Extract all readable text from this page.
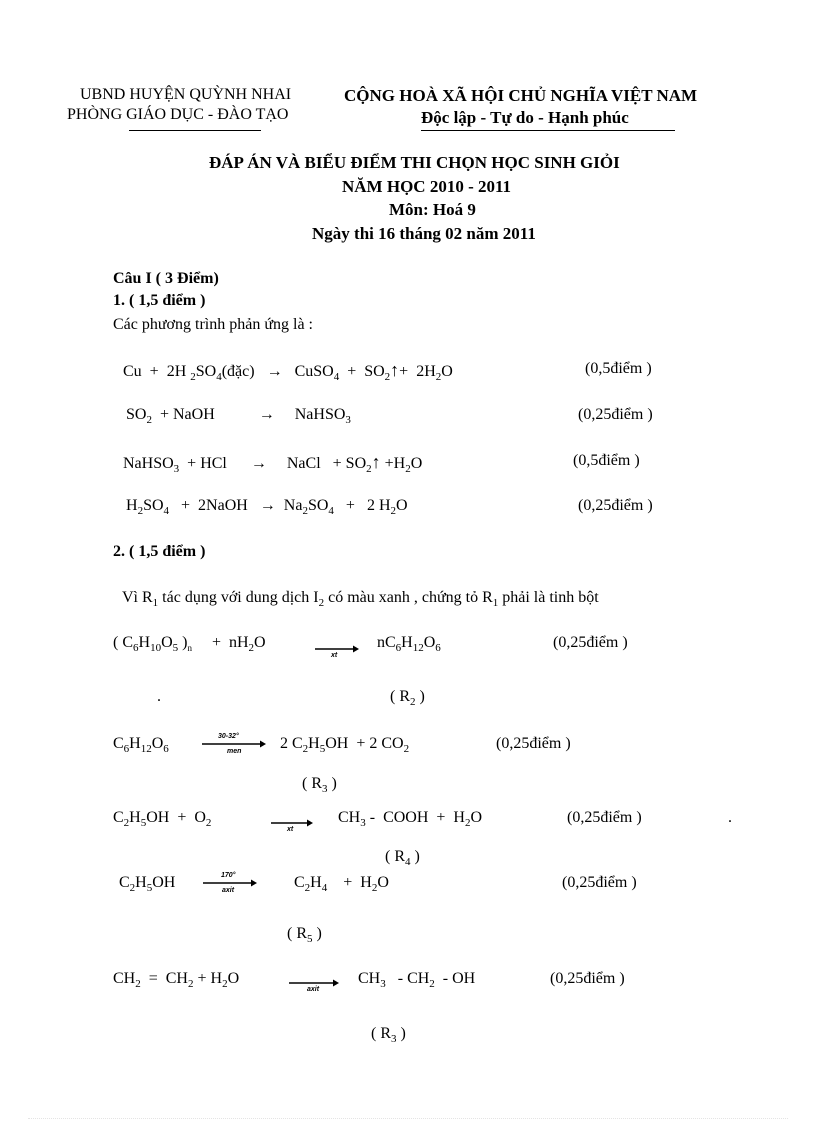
UBND HUYỆN QUỲNH NHAI
PHÒNG GIÁO DỤC - ĐÀO TẠO
CỘNG HOÀ XÃ HỘI CHỦ NGHĨA VIỆT NAM
Độc lập - Tự do - Hạnh phúc
ĐÁP ÁN VÀ BIỂU ĐIỂM THI CHỌN HỌC SINH GIỎI
NĂM HỌC 2010 - 2011
Môn: Hoá 9
Ngày thi 16 tháng 02 năm 2011
Câu I ( 3 Điểm)
1. ( 1,5 điểm )
Các phương trình phản ứng là :
Cu  +  2H $_2SO_4(đặc)$   →   CuSO$_4$  +  $SO_2↑+ 2H_2O$	(0,5điểm )
$SO_2$  + NaOH           →     NaHSO$_3$	(0,25điểm )
NaHSO$_3$  + HCl      →     NaCl   + $SO_2↑ +H_2O$	(0,5điểm )
$H_2SO_4$   +  2NaOH   →  $Na_2SO_4 + 2$ $H_2O$	(0,25điểm )
2. ( 1,5 điểm )
Vì $R_1$ tác dụng với dung dịch $I_2$ có màu xanh , chứng tỏ $R_1$ phải là tinh bột
( $C_6H_{10}O_5$ )$_n$     +  $nH_2O$
xt
$nC_6H_{12}O_6$	(0,25điểm )
.	( $R_2$ )
$C_6H_{12}O_6$
30-32°
men 2 $C_2H_5OH + 2$ $CO_2$	(0,25điểm )
( $R_3$ )
$C_2H_5OH + O_2$
xt
$CH_3$ -  COOH  +  $H_2O$	(0,25điểm )	.
( $R_4$ )
$C_2H_5OH$	170°
axit	$C_2H_4$    +  $H_2O$	(0,25điểm )
( $R_5$ )
$CH_2 = CH_2 + H_2O$
axit
$CH_3 - CH_2$  - OH	(0,25điểm )
( $R_3$ )
